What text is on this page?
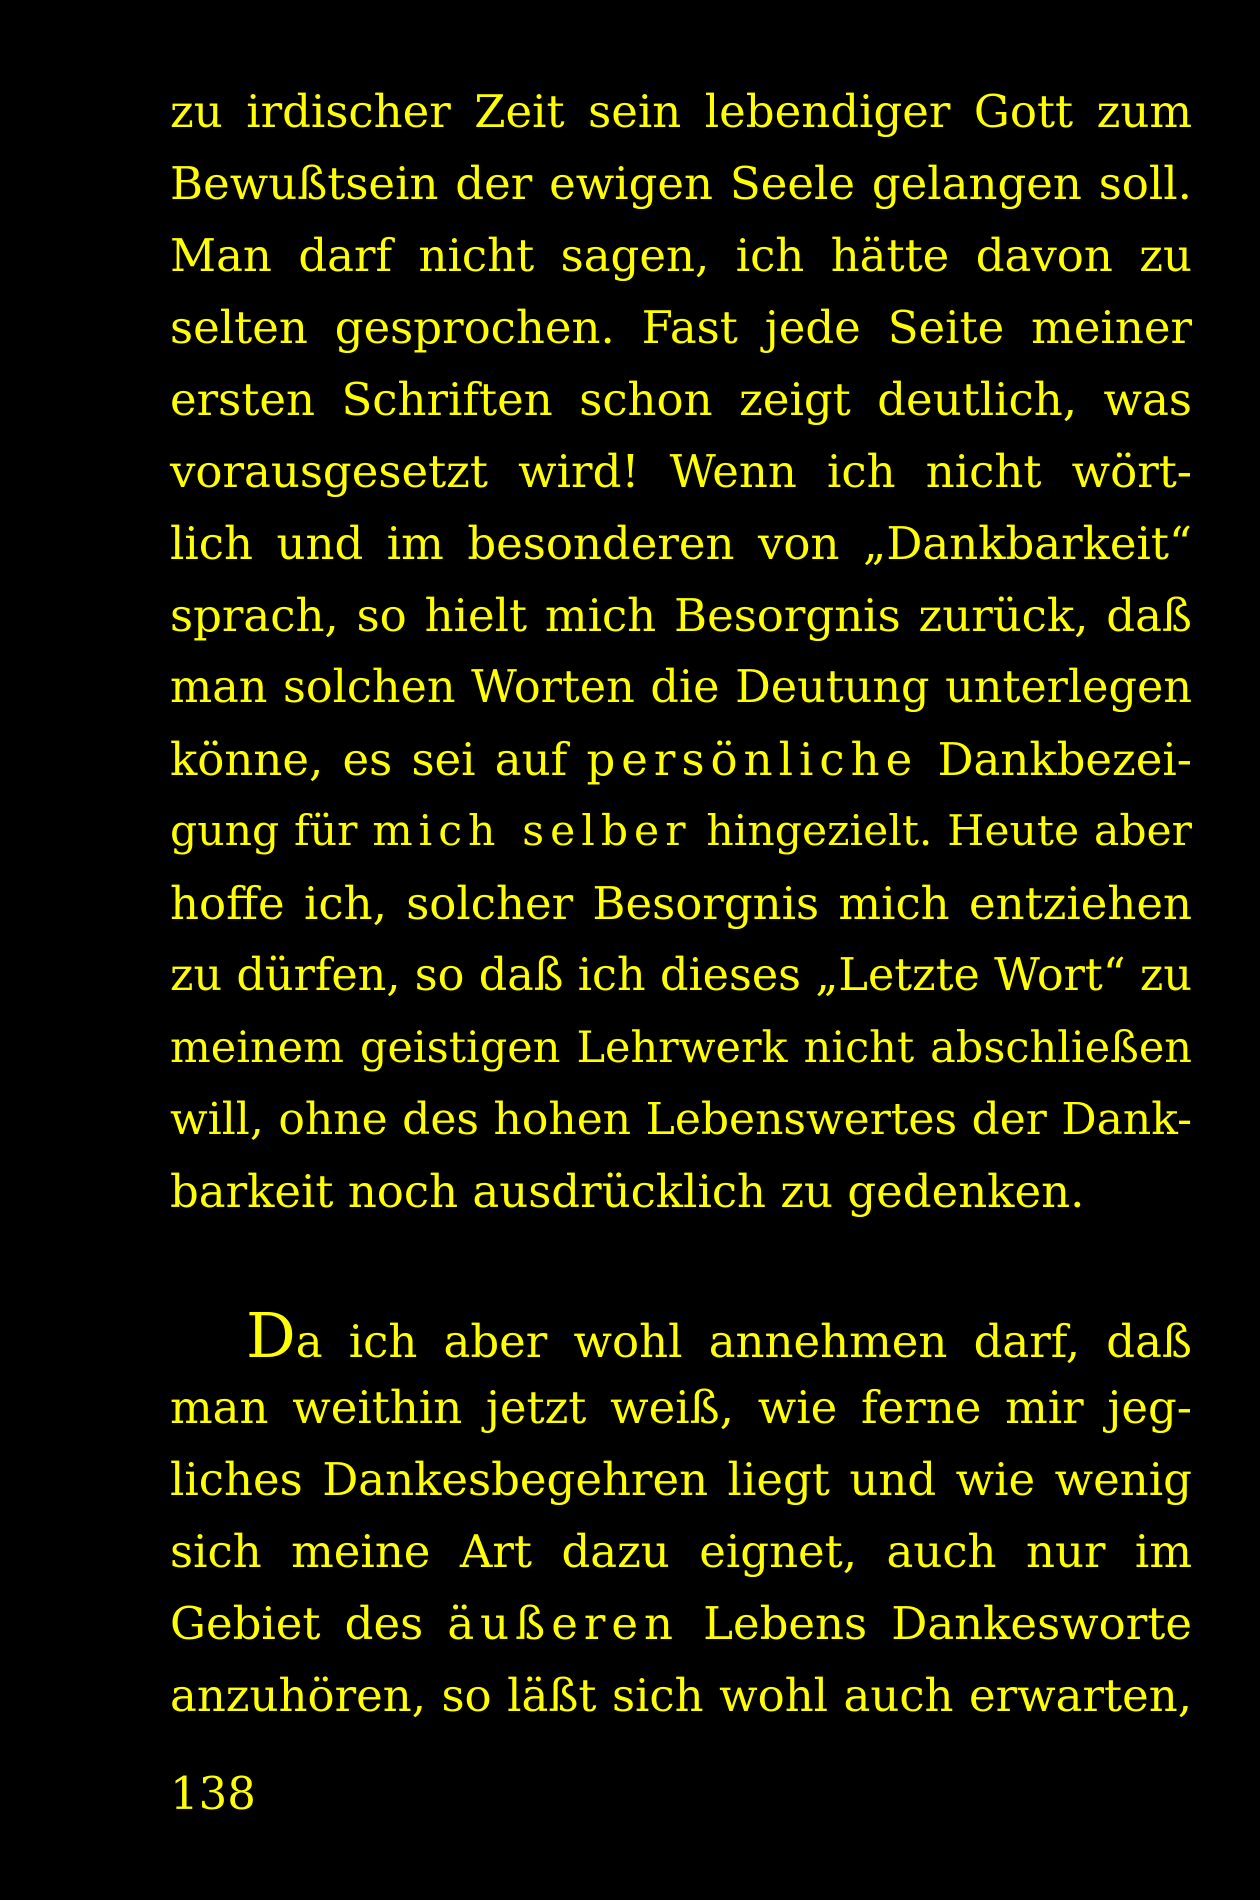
zu irdischer Zeit sein lebendiger Gott zum
Bewußtsein der ewigen Seele gelangen soll.
Man darf nicht sagen, ich hätte davon zu
selten gesprochen. Fast jede Seite meiner
ersten Schriften schon zeigt deutlich, was
vorausgesetzt wird! Wenn ich nicht wört-
lich und im besonderen von „Dankbarkeit“
sprach, so hielt mich Besorgnis zurück, daß
man solchen Worten die Deutung unterlegen
könne, es sei auf persönliche Dankbezei-
gung für mich selber hingezielt. Heute aber
hoffe ich, solcher Besorgnis mich entziehen
zu dürfen, so daß ich dieses „Letzte Wort“ zu
meinem geistigen Lehrwerk nicht abschließen
will, ohne des hohen Lebenswertes der Dank-
barkeit noch ausdrücklich zu gedenken.
Da ich aber wohl annehmen darf, daß
man weithin jetzt weiß, wie ferne mir jeg-
liches Dankesbegehren liegt und wie wenig
sich meine Art dazu eignet, auch nur im
Gebiet des äußeren Lebens Dankesworte
anzuhören, so läßt sich wohl auch erwarten,
138
